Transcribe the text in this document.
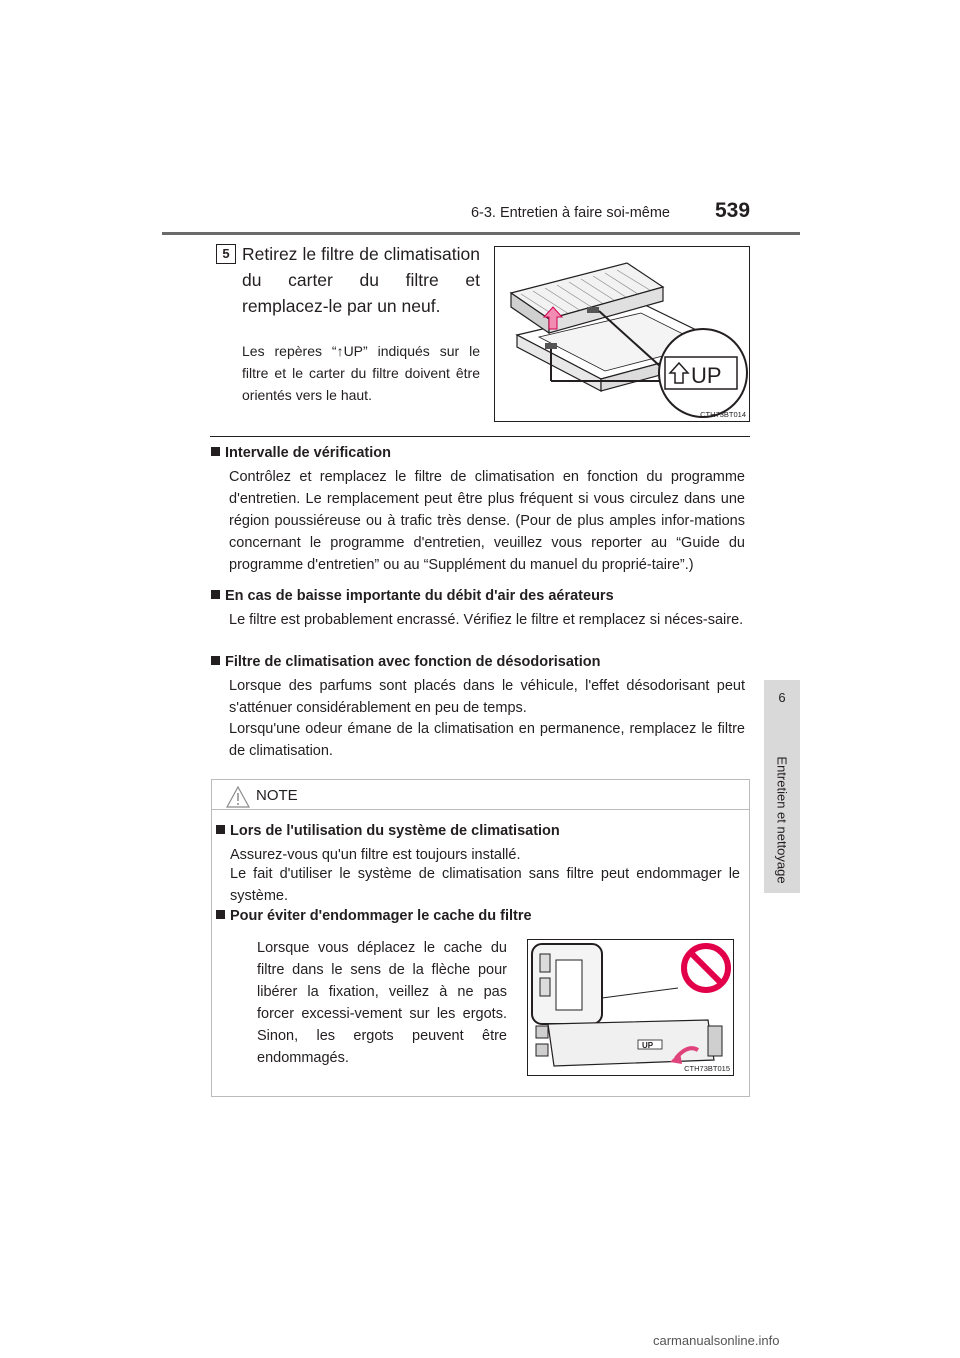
6-3. Entretien à faire soi-même 539
6
Entretien et nettoyage
5 Retirez le filtre de climatisation du carter du filtre et remplacez-le par un neuf.
Les repères “↑UP” indiqués sur le filtre et le carter du filtre doivent être orientés vers le haut.
UP
CTH73BT014
Intervalle de vérification
Contrôlez et remplacez le filtre de climatisation en fonction du programme d'entretien. Le remplacement peut être plus fréquent si vous circulez dans une région poussiéreuse ou à trafic très dense. (Pour de plus amples infor-mations concernant le programme d'entretien, veuillez vous reporter au “Guide du programme d'entretien” ou au “Supplément du manuel du proprié-taire”.)
En cas de baisse importante du débit d'air des aérateurs
Le filtre est probablement encrassé. Vérifiez le filtre et remplacez si néces-saire.
Filtre de climatisation avec fonction de désodorisation
Lorsque des parfums sont placés dans le véhicule, l'effet désodorisant peut s'atténuer considérablement en peu de temps.
Lorsqu'une odeur émane de la climatisation en permanence, remplacez le filtre de climatisation.
NOTE
Lors de l'utilisation du système de climatisation
Assurez-vous qu'un filtre est toujours installé.
Le fait d'utiliser le système de climatisation sans filtre peut endommager le système.
Pour éviter d'endommager le cache du filtre
Lorsque vous déplacez le cache du filtre dans le sens de la flèche pour libérer la fixation, veillez à ne pas forcer excessi-vement sur les ergots. Sinon, les ergots peuvent être endommagés.
UP
CTH73BT015
carmanualsonline.info
